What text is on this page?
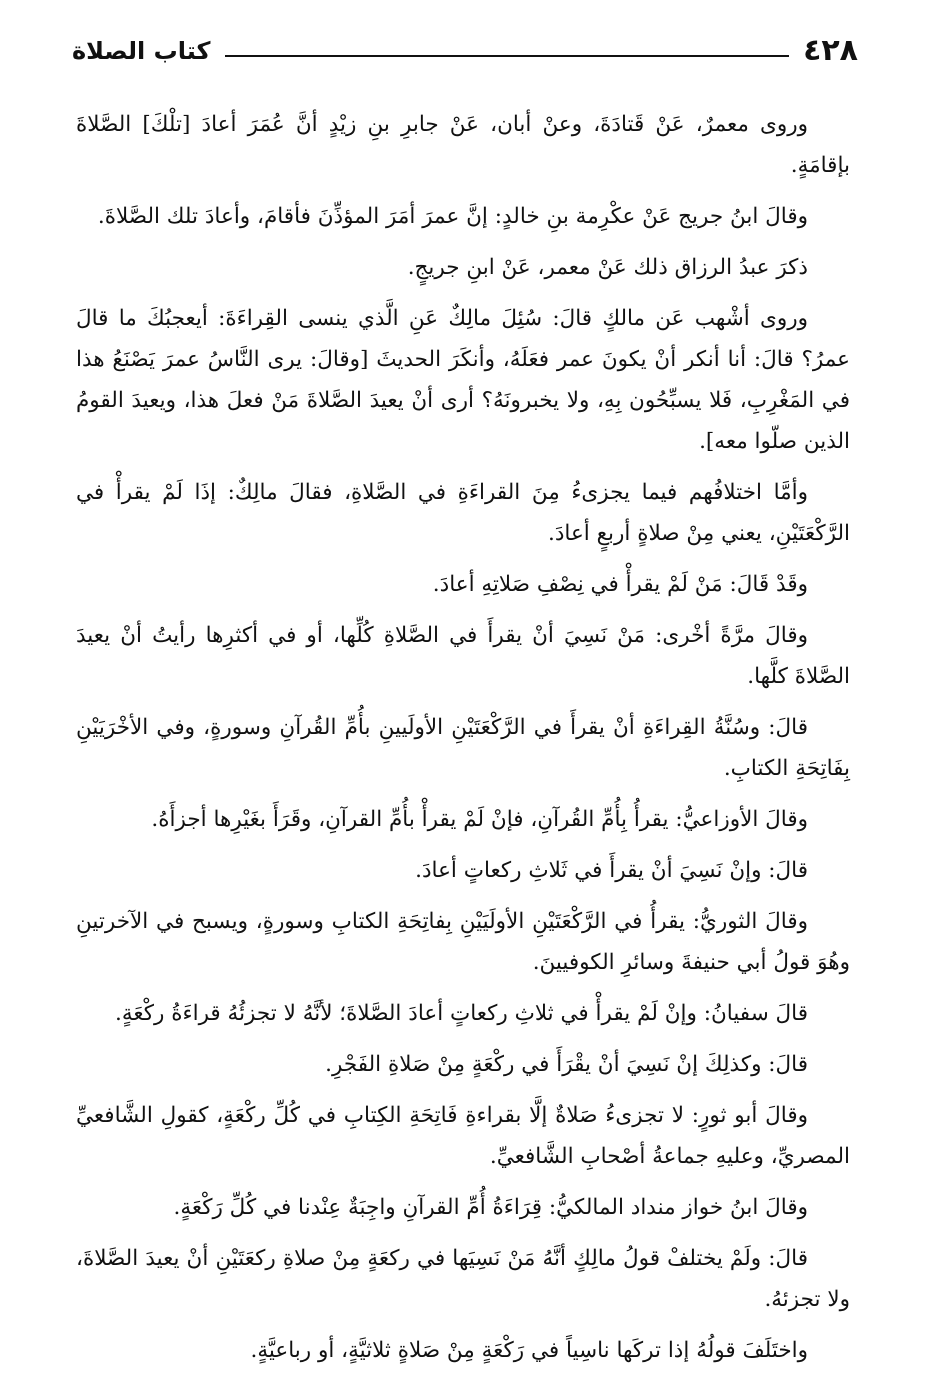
٤٢٨
كتاب الصلاة

وروى معمرٌ، عَنْ قَتادَةَ، وعنْ أبان، عَنْ جابرِ بنِ زيْدٍ أنَّ عُمَرَ أعادَ [تلْكَ] الصَّلاةَ بإقامَةٍ.

وقالَ ابنُ جريج عَنْ عكْرِمة بنِ خالدٍ: إنَّ عمرَ أمَرَ المؤذِّنَ فأقامَ، وأعادَ تلك الصَّلاةَ.

ذكرَ عبدُ الرزاق ذلك عَنْ معمر، عَنْ ابنِ جريجٍ.

وروى أشْهب عَن مالكٍ قالَ: سُئِلَ مالِكٌ عَنِ الَّذي ينسى القِراءَةَ: أيعجبُكَ ما قالَ عمرُ؟ قالَ: أنا أنكر أنْ يكونَ عمر فعَلَهُ، وأنكَرَ الحديثَ [وقالَ: يرى النَّاسُ عمرَ يَصْنَعُ هذا في المَغْرِبِ، فَلا يسبِّحُون بِهِ، ولا يخبرونَهُ؟ أرى أنْ يعيدَ الصَّلاةَ مَنْ فعلَ هذا، ويعيدَ القومُ الذين صلّوا معه].

وأمَّا اختلافُهم فيما يجزىءُ مِنَ القراءَةِ في الصَّلاةِ، فقالَ مالِكٌ: إذَا لَمْ يقرأْ في الرَّكْعَتَيْنِ، يعني مِنْ صلاةٍ أربعٍ أعادَ.

وقَدْ قَالَ: مَنْ لَمْ يقرأْ في نِصْفِ صَلاتِهِ أعادَ.

وقالَ مرَّةً أخْرى: مَنْ نَسِيَ أنْ يقرأَ في الصَّلاةِ كُلِّها، أو في أكثرِها رأيتُ أنْ يعيدَ الصَّلاةَ كلَّها.

قالَ: وسُنَّةُ القِراءَةِ أنْ يقرأَ في الرَّكْعَتَيْنِ الأولَيينِ بأُمِّ القُرآنِ وسورةٍ، وفي الأخْرَيَيْنِ بِفَاتِحَةِ الكتابِ.

وقالَ الأوزاعيُّ: يقرأُ بِأُمِّ القُرآنِ، فإنْ لَمْ يقرأْ بأُمِّ القرآنِ، وقَرَأَ بغَيْرِها أجزأَهُ.

قالَ: وإنْ نَسِيَ أنْ يقرأَ في ثَلاثِ ركعاتٍ أعادَ.

وقالَ الثوريُّ: يقرأُ في الرَّكْعَتَيْنِ الأولَيَيْنِ بِفاتِحَةِ الكتابِ وسورةٍ، ويسبح في الآخرتينِ وهُوَ قولُ أبي حنيفةَ وسائرِ الكوفيينَ.

قالَ سفيانُ: وإنْ لَمْ يقرأْ في ثلاثِ ركعاتٍ أعادَ الصَّلاةَ؛ لأنَّهُ لا تجزئُهُ قراءَةُ ركْعَةٍ.

قالَ: وكذلِكَ إنْ نَسِيَ أنْ يقْرَأَ في ركْعَةٍ مِنْ صَلاةِ الفَجْرِ.

وقالَ أبو ثورٍ: لا تجزىءُ صَلاةٌ إلَّا بقراءةِ فَاتِحَةِ الكِتابِ في كُلِّ ركْعَةٍ، كقولِ الشَّافعيِّ المصريِّ، وعليهِ جماعةُ أصْحابِ الشَّافعيِّ.

وقالَ ابنُ خواز منداد المالكيُّ: قِرَاءَةُ أُمِّ القرآنِ واجِبَةٌ عِنْدنا في كُلِّ رَكْعَةٍ.

قالَ: ولَمْ يختلفْ قولُ مالِكٍ أنَّهُ مَنْ نَسِيَها في ركعَةٍ مِنْ صلاةِ ركعَتَيْنِ أنْ يعيدَ الصَّلاةَ، ولا تجزئهُ.

واختَلَفَ قولُهُ إذا تركَها ناسِياً في رَكْعَةٍ مِنْ صَلاةٍ ثلاثيَّةٍ، أو رباعيَّةٍ.
